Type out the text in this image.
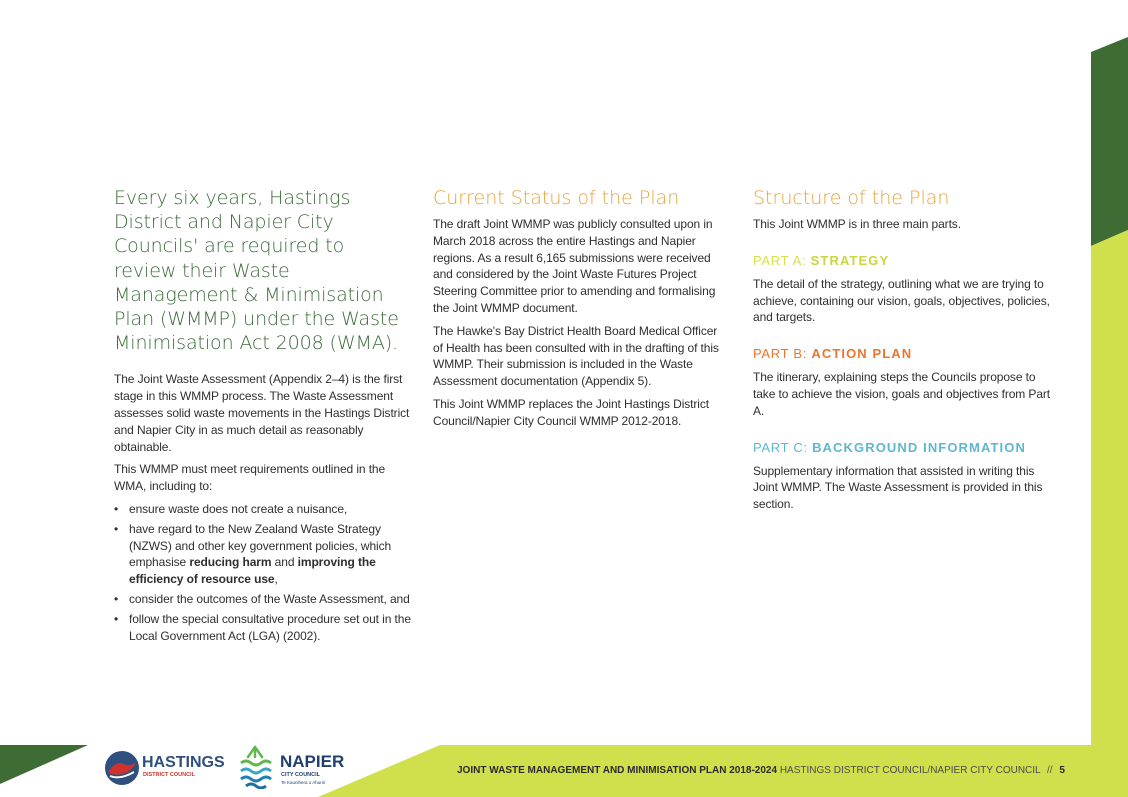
Every six years, Hastings District and Napier City Councils' are required to review their Waste Management & Minimisation Plan (WMMP) under the Waste Minimisation Act 2008 (WMA).

The Joint Waste Assessment (Appendix 2–4) is the first stage in this WMMP process. The Waste Assessment assesses solid waste movements in the Hastings District and Napier City in as much detail as reasonably obtainable.

This WMMP must meet requirements outlined in the WMA, including to:

• ensure waste does not create a nuisance,
• have regard to the New Zealand Waste Strategy (NZWS) and other key government policies, which emphasise reducing harm and improving the efficiency of resource use,
• consider the outcomes of the Waste Assessment, and
• follow the special consultative procedure set out in the Local Government Act (LGA) (2002).
Current Status of the Plan

The draft Joint WMMP was publicly consulted upon in March 2018 across the entire Hastings and Napier regions. As a result 6,165 submissions were received and considered by the Joint Waste Futures Project Steering Committee prior to amending and formalising the Joint WMMP document.

The Hawke's Bay District Health Board Medical Officer of Health has been consulted with in the drafting of this WMMP. Their submission is included in the Waste Assessment documentation (Appendix 5).

This Joint WMMP replaces the Joint Hastings District Council/Napier City Council WMMP 2012-2018.

Structure of the Plan

This Joint WMMP is in three main parts.

PART A: STRATEGY

The detail of the strategy, outlining what we are trying to achieve, containing our vision, goals, objectives, policies, and targets.

PART B: ACTION PLAN

The itinerary, explaining steps the Councils propose to take to achieve the vision, goals and objectives from Part A.

PART C: BACKGROUND INFORMATION

Supplementary information that assisted in writing this Joint WMMP. The Waste Assessment is provided in this section.

HASTINGS
DISTRICT COUNCIL
NAPIER
CITY COUNCIL
Te Kaunihera o Ahuriri
JOINT WASTE MANAGEMENT AND MINIMISATION PLAN 2018-2024 HASTINGS DISTRICT COUNCIL/NAPIER CITY COUNCIL // 5
